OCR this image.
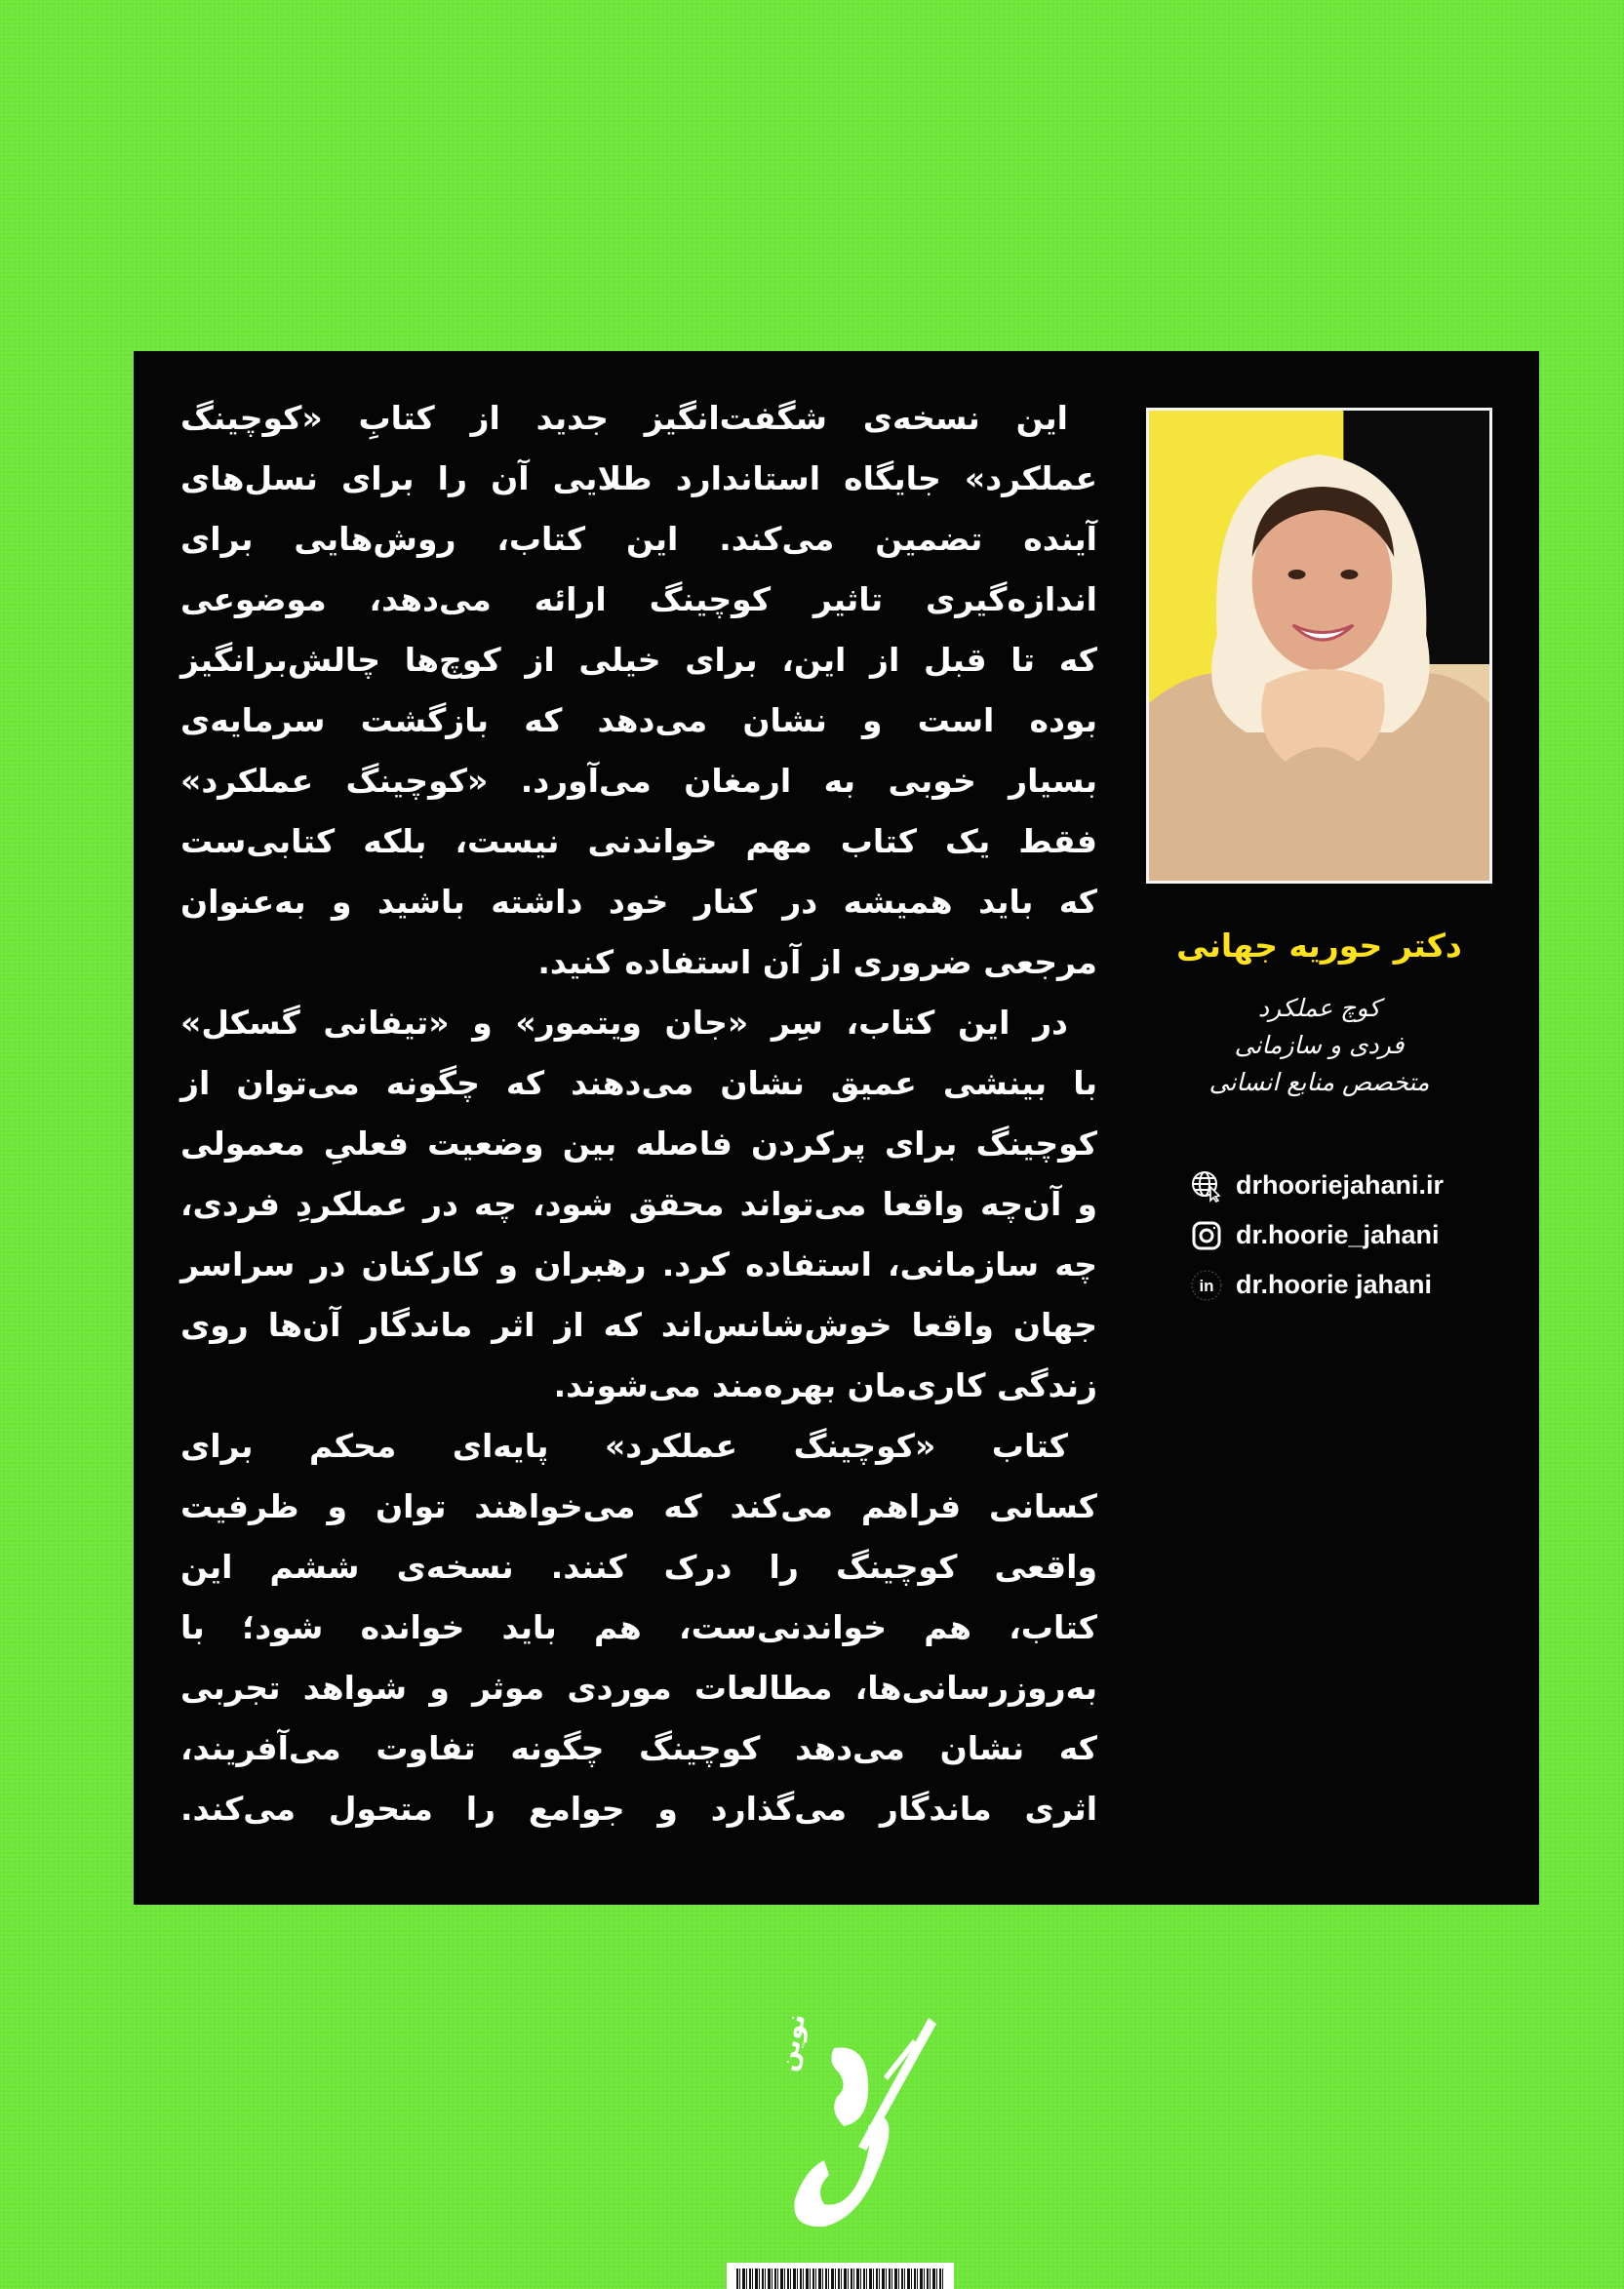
این نسخه‌ی شگفت‌انگیز جدید از کتابِ «کوچینگ
عملکرد» جایگاه استاندارد طلایی آن را برای نسل‌های
آینده تضمین می‌کند. این کتاب، روش‌هایی برای
اندازه‌گیری تاثیر کوچینگ ارائه می‌دهد، موضوعی
که تا قبل از این، برای خیلی از کوچ‌ها چالش‌برانگیز
بوده است و نشان می‌دهد که بازگشت سرمایه‌ی
بسیار خوبی به ارمغان می‌آورد. «کوچینگ عملکرد»
فقط یک کتاب مهم خواندنی نیست، بلکه کتابی‌ست
که باید همیشه در کنار خود داشته باشید و به‌عنوان
مرجعی ضروری از آن استفاده کنید.

در این کتاب، سِر «جان ویتمور» و «تیفانی گسکل»
با بینشی عمیق نشان می‌دهند که چگونه می‌توان از
کوچینگ برای پرکردن فاصله بین وضعیت فعلیِ معمولی
و آن‌چه واقعا می‌تواند محقق شود، چه در عملکردِ فردی،
چه سازمانی، استفاده کرد. رهبران و کارکنان در سراسر
جهان واقعا خوش‌شانس‌اند که از اثر ماندگار آن‌ها روی
زندگی کاری‌مان بهره‌مند می‌شوند.

کتاب «کوچینگ عملکرد» پایه‌ای محکم برای
کسانی فراهم می‌کند که می‌خواهند توان و ظرفیت
واقعی کوچینگ را درک کنند. نسخه‌ی ششم این
کتاب، هم خواندنی‌ست، هم باید خوانده شود؛ با
به‌روزرسانی‌ها، مطالعات موردی موثر و شواهد تجربی
که نشان می‌دهد کوچینگ چگونه تفاوت می‌آفریند،
اثری ماندگار می‌گذارد و جوامع را متحول می‌کند.

دکتر حوریه جهانی
کوچ عملکرد
فردی و سازمانی
متخصص منابع انسانی
drhooriejahani.ir
dr.hoorie_jahani
in dr.hoorie jahani
نوین
